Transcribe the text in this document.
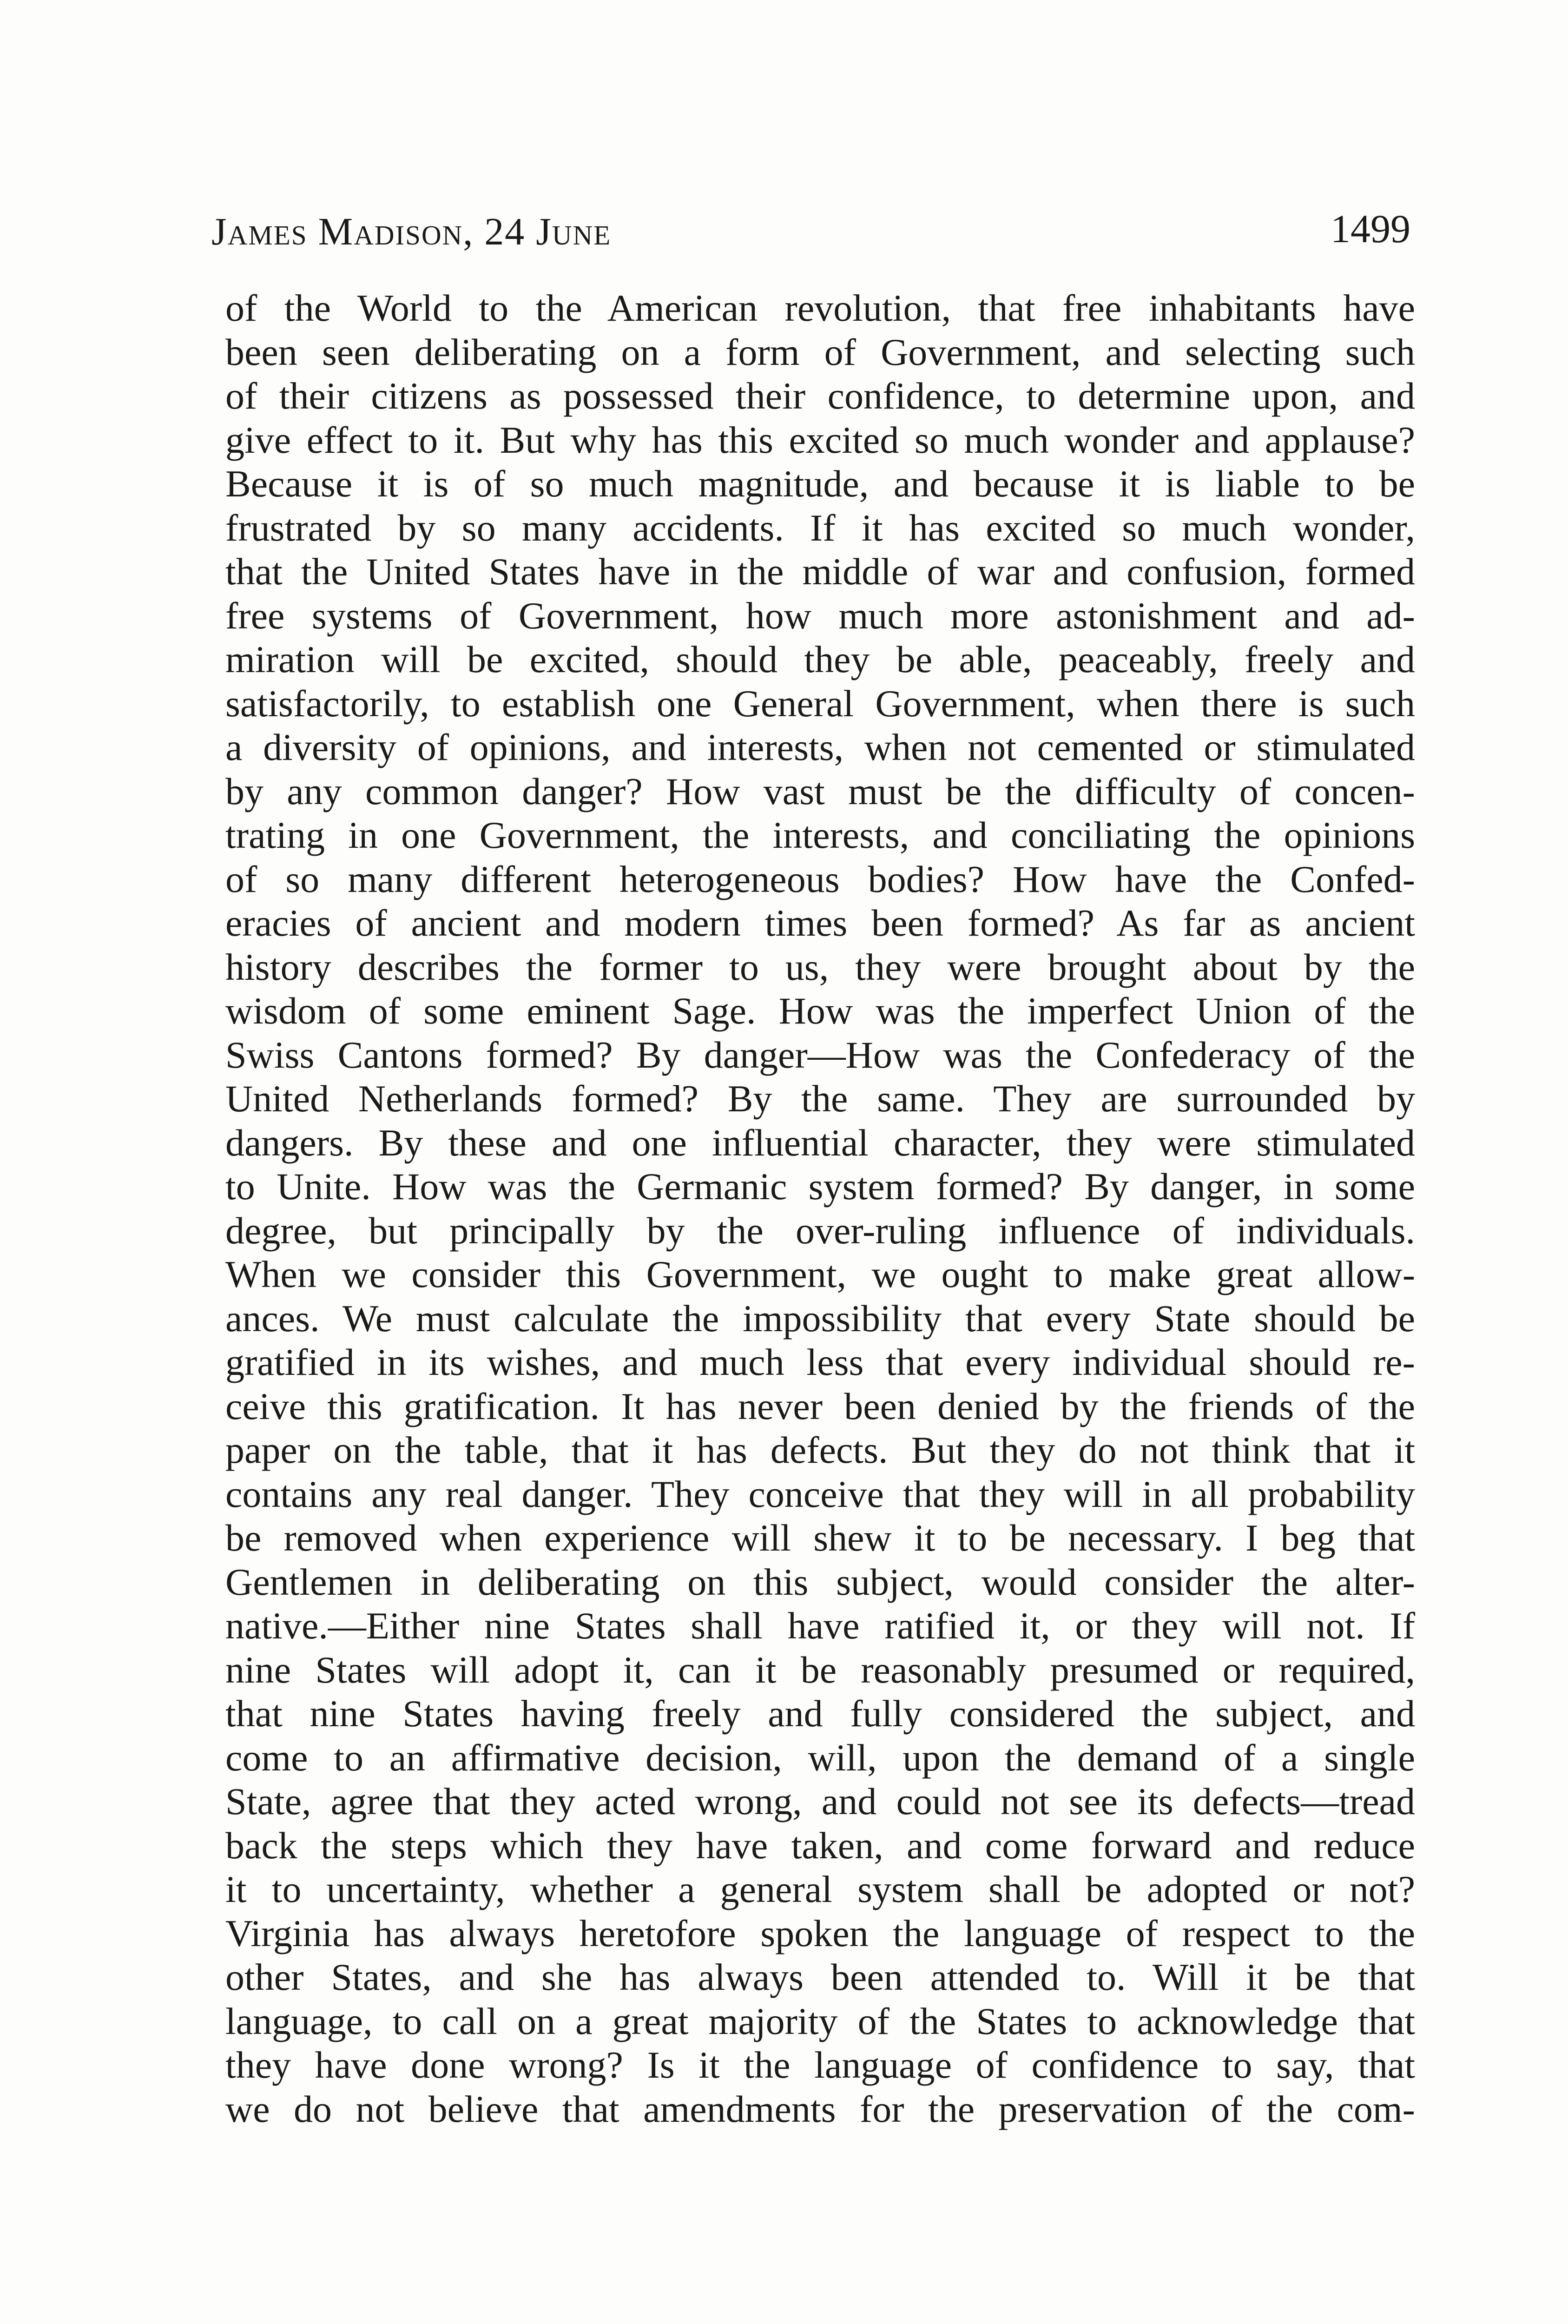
James Madison, 24 June	1499
of the World to the American revolution, that free inhabitants have
been seen deliberating on a form of Government, and selecting such
of their citizens as possessed their confidence, to determine upon, and
give effect to it. But why has this excited so much wonder and applause?
Because it is of so much magnitude, and because it is liable to be
frustrated by so many accidents. If it has excited so much wonder,
that the United States have in the middle of war and confusion, formed
free systems of Government, how much more astonishment and ad-
miration will be excited, should they be able, peaceably, freely and
satisfactorily, to establish one General Government, when there is such
a diversity of opinions, and interests, when not cemented or stimulated
by any common danger? How vast must be the difficulty of concen-
trating in one Government, the interests, and conciliating the opinions
of so many different heterogeneous bodies? How have the Confed-
eracies of ancient and modern times been formed? As far as ancient
history describes the former to us, they were brought about by the
wisdom of some eminent Sage. How was the imperfect Union of the
Swiss Cantons formed? By danger—How was the Confederacy of the
United Netherlands formed? By the same. They are surrounded by
dangers. By these and one influential character, they were stimulated
to Unite. How was the Germanic system formed? By danger, in some
degree, but principally by the over-ruling influence of individuals.
When we consider this Government, we ought to make great allow-
ances. We must calculate the impossibility that every State should be
gratified in its wishes, and much less that every individual should re-
ceive this gratification. It has never been denied by the friends of the
paper on the table, that it has defects. But they do not think that it
contains any real danger. They conceive that they will in all probability
be removed when experience will shew it to be necessary. I beg that
Gentlemen in deliberating on this subject, would consider the alter-
native.—Either nine States shall have ratified it, or they will not. If
nine States will adopt it, can it be reasonably presumed or required,
that nine States having freely and fully considered the subject, and
come to an affirmative decision, will, upon the demand of a single
State, agree that they acted wrong, and could not see its defects—tread
back the steps which they have taken, and come forward and reduce
it to uncertainty, whether a general system shall be adopted or not?
Virginia has always heretofore spoken the language of respect to the
other States, and she has always been attended to. Will it be that
language, to call on a great majority of the States to acknowledge that
they have done wrong? Is it the language of confidence to say, that
we do not believe that amendments for the preservation of the com-
